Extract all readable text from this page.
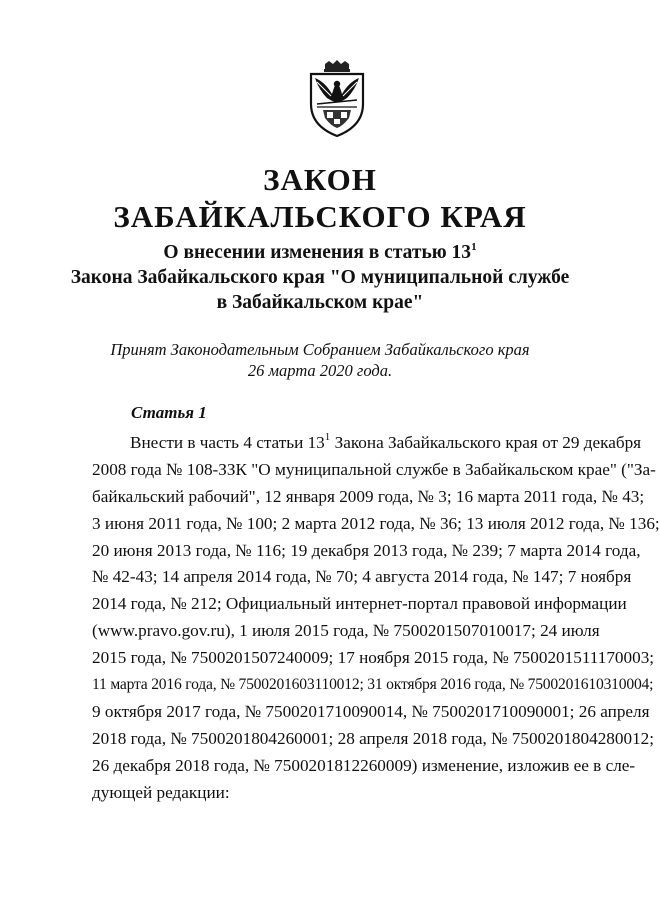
ЗАКОН
ЗАБАЙКАЛЬСКОГО КРАЯ
О внесении изменения в статью $13^1$
Закона Забайкальского края "О муниципальной службе
в Забайкальском крае"
Принят Законодательным Собранием Забайкальского края
26 марта 2020 года.
Статья 1
Внести в часть 4 статьи $13^1$ Закона Забайкальского края от 29 декабря
2008 года № 108-ЗЗК "О муниципальной службе в Забайкальском крае" ("За-
байкальский рабочий", 12 января 2009 года, № 3; 16 марта 2011 года, № 43;
3 июня 2011 года, № 100; 2 марта 2012 года, № 36; 13 июля 2012 года, № 136;
20 июня 2013 года, № 116; 19 декабря 2013 года, № 239; 7 марта 2014 года,
№ 42-43; 14 апреля 2014 года, № 70; 4 августа 2014 года, № 147; 7 ноября
2014 года, № 212; Официальный интернет-портал правовой информации
(www.pravo.gov.ru), 1 июля 2015 года, № 7500201507010017; 24 июля
2015 года, № 7500201507240009; 17 ноября 2015 года, № 7500201511170003;
11 марта 2016 года, № 7500201603110012; 31 октября 2016 года, № 7500201610310004;
9 октября 2017 года, № 7500201710090014, № 7500201710090001; 26 апреля
2018 года, № 7500201804260001; 28 апреля 2018 года, № 7500201804280012;
26 декабря 2018 года, № 7500201812260009) изменение, изложив ее в сле-
дующей редакции:
